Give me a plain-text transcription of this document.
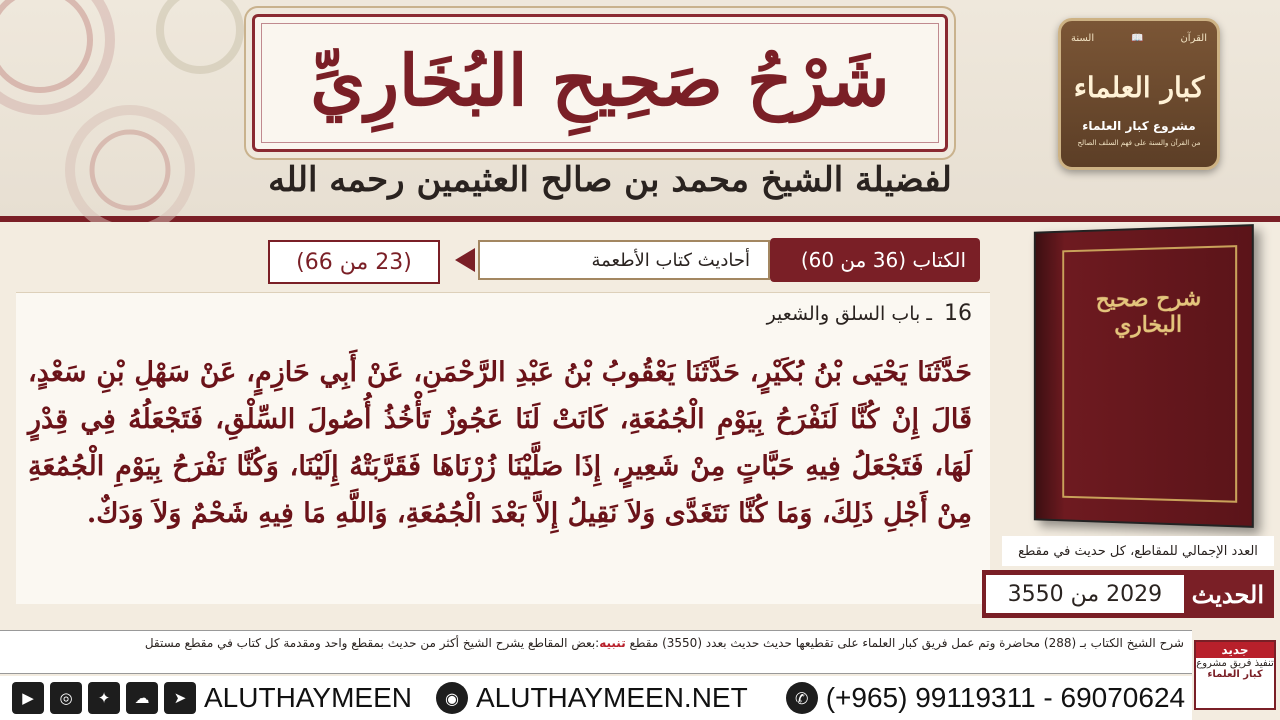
شَرْحُ صَحِيحِ البُخَارِيِّ
لفضيلة الشيخ محمد بن صالح العثيمين رحمه الله
السنة	📖	القرآن
كبار العلماء
مشروع كبار العلماء
من القرآن والسنة على فهم السلف الصالح
الكتاب (36 من 60)
أحاديث كتاب الأطعمة
(23 من 66)
16 ـ باب السلق والشعير
حَدَّثَنَا يَحْيَى بْنُ بُكَيْرٍ، حَدَّثَنَا يَعْقُوبُ بْنُ عَبْدِ الرَّحْمَنِ، عَنْ أَبِي حَازِمٍ، عَنْ سَهْلِ بْنِ سَعْدٍ، قَالَ إِنْ كُنَّا لَنَفْرَحُ بِيَوْمِ الْجُمُعَةِ، كَانَتْ لَنَا عَجُوزٌ تَأْخُذُ أُصُولَ السِّلْقِ، فَتَجْعَلُهُ فِي قِدْرٍ لَهَا، فَتَجْعَلُ فِيهِ حَبَّاتٍ مِنْ شَعِيرٍ، إِذَا صَلَّيْنَا زُرْنَاهَا فَقَرَّبَتْهُ إِلَيْنَا، وَكُنَّا نَفْرَحُ بِيَوْمِ الْجُمُعَةِ مِنْ أَجْلِ ذَلِكَ، وَمَا كُنَّا نَتَغَدَّى وَلاَ نَقِيلُ إِلاَّ بَعْدَ الْجُمُعَةِ، وَاللَّهِ مَا فِيهِ شَحْمٌ وَلاَ وَدَكٌ.
شرح صحيح البخاري
العدد الإجمالي للمقاطع، كل حديث في مقطع
الحديث
2029 من 3550
شرح الشيخ الكتاب بـ (288) محاضرة وتم عمل فريق كبار العلماء على تقطيعها حديث حديث بعدد (3550) مقطع تنبيه:بعض المقاطع يشرح الشيخ أكثر من حديث بمقطع واحد ومقدمة كل كتاب في مقطع مستقل	جديد
تنفيذ فريق مشروع
كبار العلماء
▶	◎	✦	☁	➤ ALUTHAYMEEN	◉ ALUTHAYMEEN.NET	✆ (+965) 99119311 - 69070624
